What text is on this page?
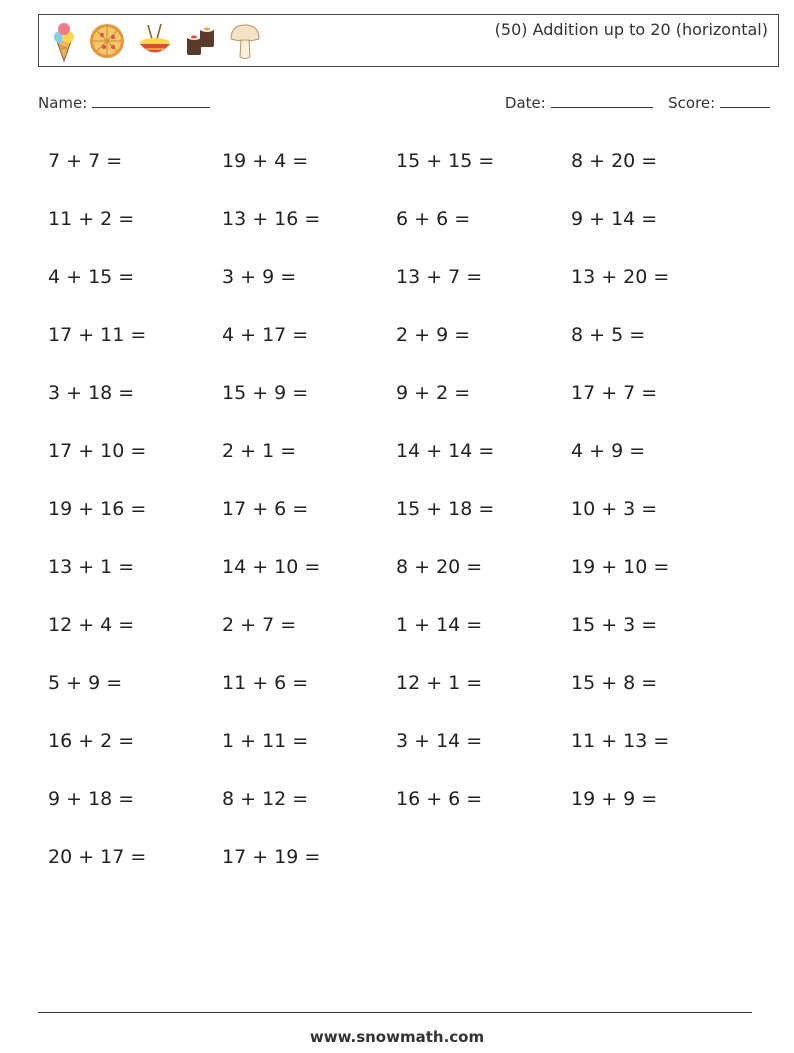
(50) Addition up to 20 (horizontal)
Name:	Date:	Score:
7 + 7 =	19 + 4 =	15 + 15 =	8 + 20 =
11 + 2 =	13 + 16 =	6 + 6 =	9 + 14 =
4 + 15 =	3 + 9 =	13 + 7 =	13 + 20 =
17 + 11 =	4 + 17 =	2 + 9 =	8 + 5 =
3 + 18 =	15 + 9 =	9 + 2 =	17 + 7 =
17 + 10 =	2 + 1 =	14 + 14 =	4 + 9 =
19 + 16 =	17 + 6 =	15 + 18 =	10 + 3 =
13 + 1 =	14 + 10 =	8 + 20 =	19 + 10 =
12 + 4 =	2 + 7 =	1 + 14 =	15 + 3 =
5 + 9 =	11 + 6 =	12 + 1 =	15 + 8 =
16 + 2 =	1 + 11 =	3 + 14 =	11 + 13 =
9 + 18 =	8 + 12 =	16 + 6 =	19 + 9 =
20 + 17 =	17 + 19 =
www.snowmath.com
